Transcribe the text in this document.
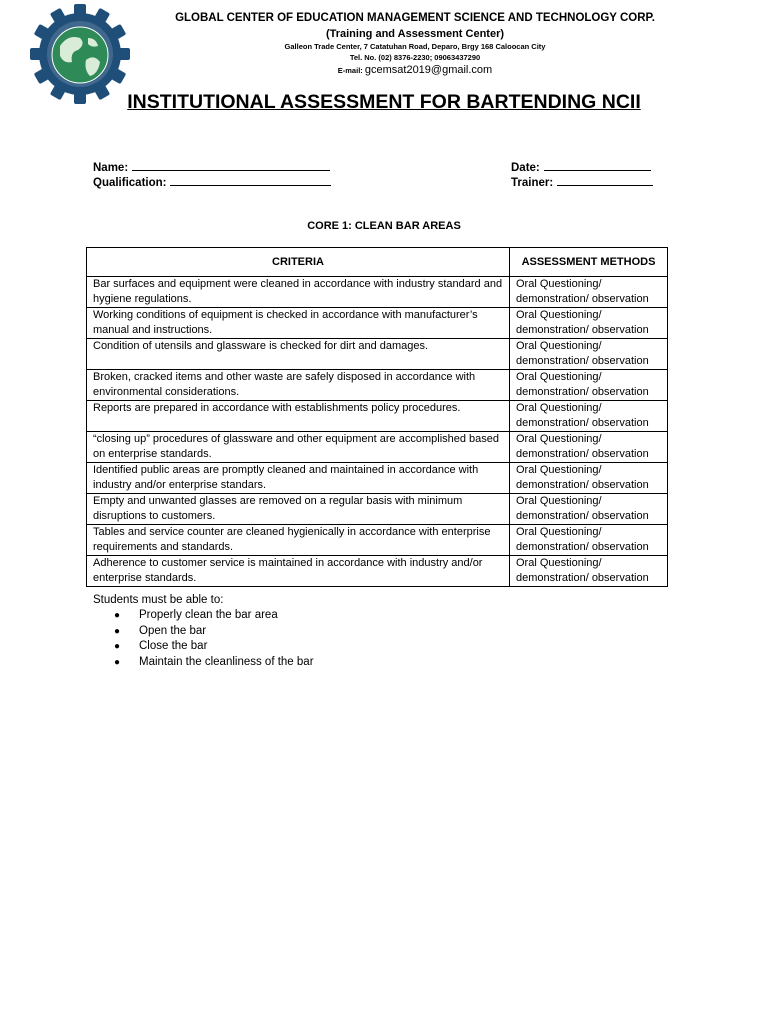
GLOBAL CENTER OF EDUCATION MANAGEMENT SCIENCE AND TECHNOLOGY CORP.
(Training and Assessment Center)
Galleon Trade Center, 7 Catatuhan Road, Deparo, Brgy 168 Caloocan City
Tel. No. (02) 8376-2230; 09063437290
E-mail: gcemsat2019@gmail.com
INSTITUTIONAL ASSESSMENT FOR BARTENDING NCII
Name:
Qualification:
Date:
Trainer:
CORE 1: CLEAN BAR AREAS
CRITERIA	ASSESSMENT METHODS
Bar surfaces and equipment were cleaned in accordance with industry standard and hygiene regulations.	Oral Questioning/ demonstration/ observation
Working conditions of equipment is checked in accordance with manufacturer’s manual and instructions.	Oral Questioning/ demonstration/ observation
Condition of utensils and glassware is checked for dirt and damages.	Oral Questioning/ demonstration/ observation
Broken, cracked items and other waste are safely disposed in accordance with environmental considerations.	Oral Questioning/ demonstration/ observation
Reports are prepared in accordance with establishments policy procedures.	Oral Questioning/ demonstration/ observation
“closing up” procedures of glassware and other equipment are accomplished based on enterprise standards.	Oral Questioning/ demonstration/ observation
Identified public areas are promptly cleaned and maintained in accordance with industry and/or enterprise standars.	Oral Questioning/ demonstration/ observation
Empty and unwanted glasses are removed on a regular basis with minimum disruptions to customers.	Oral Questioning/ demonstration/ observation
Tables and service counter are cleaned hygienically in accordance with enterprise requirements and standards.	Oral Questioning/ demonstration/ observation
Adherence to customer service is maintained in accordance with industry and/or enterprise standards.	Oral Questioning/ demonstration/ observation
Students must be able to:
● Properly clean the bar area
● Open the bar
● Close the bar
● Maintain the cleanliness of the bar
